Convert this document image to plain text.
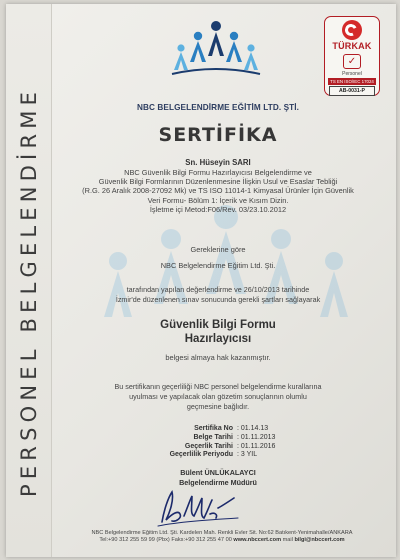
PERSONEL BELGELENDİRME	NBC BELGELENDİRME EĞİTİM LTD. ŞTİ.
TÜRKAK
✓
Personel
TS EN ISO/IEC 17024
AB-0031-P
SERTİFİKA
Sn. Hüseyin SARI
NBC Güvenlik Bilgi Formu Hazırlayıcısı Belgelendirme ve
Güvenlik Bilgi Formlarının Düzenlenmesine İlişkin Usul ve Esaslar Tebliği
(R.G. 26 Aralık 2008-27092 Mk) ve TS ISO 11014-1 Kimyasal Ürünler İçin Güvenlik
Veri Formu- Bölüm 1: İçerik ve Kısım Dizin.
İşletme içi Metod:F06/Rev. 03/23.10.2012
Gereklerine göre
NBC Belgelendirme Eğitim Ltd. Şti.
tarafından yapılan değerlendirme ve 26/10/2013 tarihinde
İzmir'de düzenlenen sınav sonucunda gerekli şartları sağlayarak
Güvenlik Bilgi Formu
Hazırlayıcısı
belgesi almaya hak kazanmıştır.
Bu sertifikanın geçerliliği NBC personel belgelendirme kurallarına
uyulması ve yapılacak olan gözetim sonuçlarının olumlu
geçmesine bağlıdır.
Sertifika No : 01.14.13
Belge Tarihi : 01.11.2013
Geçerlik Tarihi : 01.11.2016
Geçerlilik Periyodu : 3 YIL
Bülent ÜNLÜKALAYCI
Belgelendirme Müdürü
NBC Belgelendirme Eğitim Ltd. Şti. Kardelen Mah. Renkli Evler Sit. No:62 Batıkent-Yenimahalle/ANKARA
Tel:+90 312 255 59 99 (Pbx) Faks:+90 312 255 47 00 www.nbccert.com mail bilgi@nbccert.com
